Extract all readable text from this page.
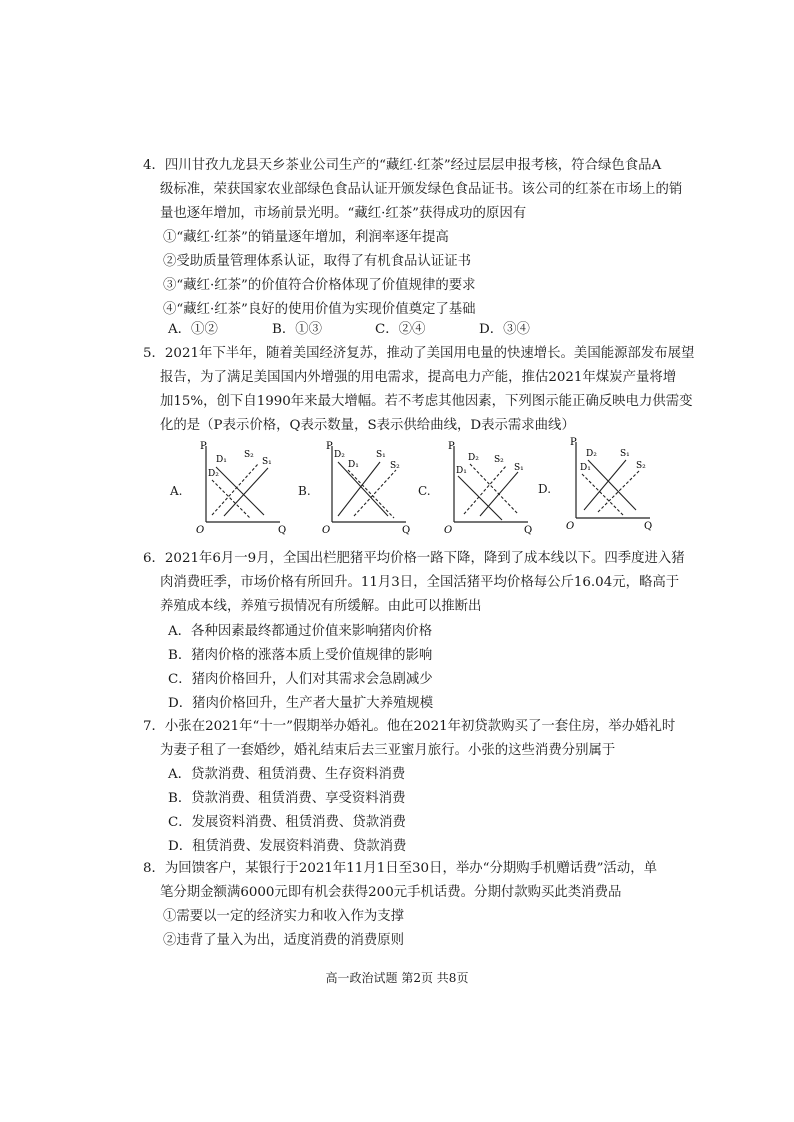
4．四川甘孜九龙县天乡茶业公司生产的“藏红·红茶”经过层层申报考核，符合绿色食品A
级标准，荣获国家农业部绿色食品认证开颁发绿色食品证书。该公司的红茶在市场上的销
量也逐年增加，市场前景光明。“藏红·红茶”获得成功的原因有
①“藏红·红茶”的销量逐年增加，利润率逐年提高
②受助质量管理体系认证，取得了有机食品认证证书
③“藏红·红茶”的价值符合价格体现了价值规律的要求
④“藏红·红茶”良好的使用价值为实现价值奠定了基础
A．①②	B．①③	C．②④	D．③④
5．2021年下半年，随着美国经济复苏，推动了美国用电量的快速增长。美国能源部发布展望
报告，为了满足美国国内外增强的用电需求，提高电力产能，推估2021年煤炭产量将增
加15%，创下自1990年来最大增幅。若不考虑其他因素，下列图示能正确反映电力供需变
化的是（P表示价格，Q表示数量，S表示供给曲线，D表示需求曲线）
A.
P
O	Q
D₁
D₂
S₂
S₁
B.
P
O	Q
D₂
D₁
S₁
S₂
C.
P
O	Q
D₂
D₁
S₂
S₁
D.
P
O	Q
D₂
D₁
S₁
S₂
6．2021年6月一9月，全国出栏肥猪平均价格一路下降，降到了成本线以下。四季度进入猪
肉消费旺季，市场价格有所回升。11月3日，全国活猪平均价格每公斤16.04元，略高于
养殖成本线，养殖亏损情况有所缓解。由此可以推断出
A．各种因素最终都通过价值来影响猪肉价格
B．猪肉价格的涨落本质上受价值规律的影响
C．猪肉价格回升，人们对其需求会急剧减少
D．猪肉价格回升，生产者大量扩大养殖规模
7．小张在2021年“十一”假期举办婚礼。他在2021年初贷款购买了一套住房，举办婚礼时
为妻子租了一套婚纱，婚礼结束后去三亚蜜月旅行。小张的这些消费分别属于
A．贷款消费、租赁消费、生存资料消费
B．贷款消费、租赁消费、享受资料消费
C．发展资料消费、租赁消费、贷款消费
D．租赁消费、发展资料消费、贷款消费
8．为回馈客户，某银行于2021年11月1日至30日，举办“分期购手机赠话费”活动，单
笔分期金额满6000元即有机会获得200元手机话费。分期付款购买此类消费品
①需要以一定的经济实力和收入作为支撑
②违背了量入为出，适度消费的消费原则
高一政治试题 第2页 共8页
